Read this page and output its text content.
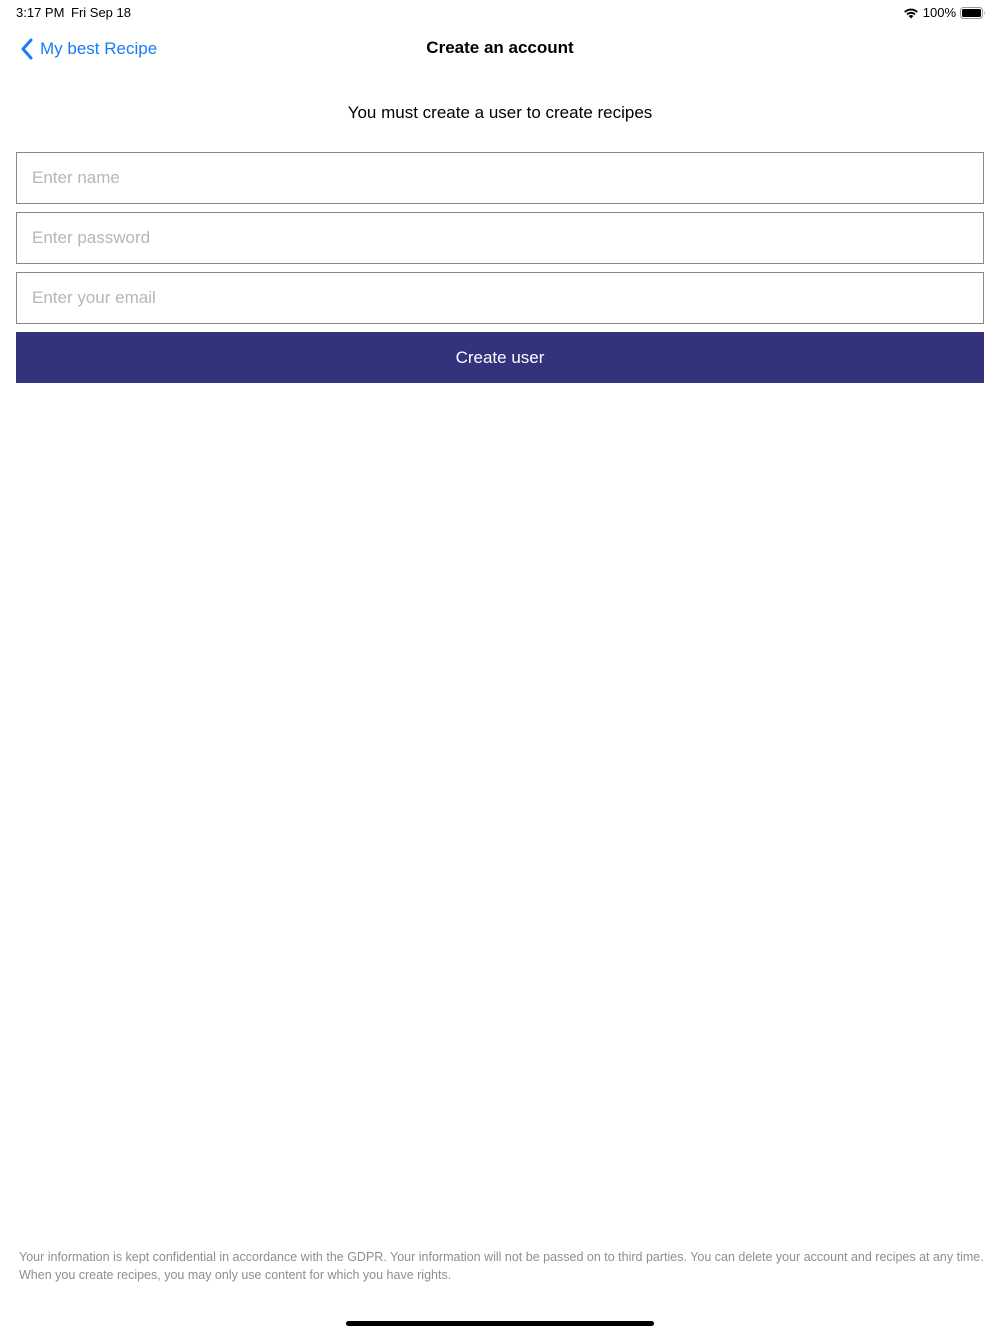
3:17 PM Fri Sep 18	100%
My best Recipe	Create an account
You must create a user to create recipes
Enter name
Enter your email
Create user
Your information is kept confidential in accordance with the GDPR. Your information will not be passed on to third parties. You can delete your account and recipes at any time. When you create recipes, you may only use content for which you have rights.
